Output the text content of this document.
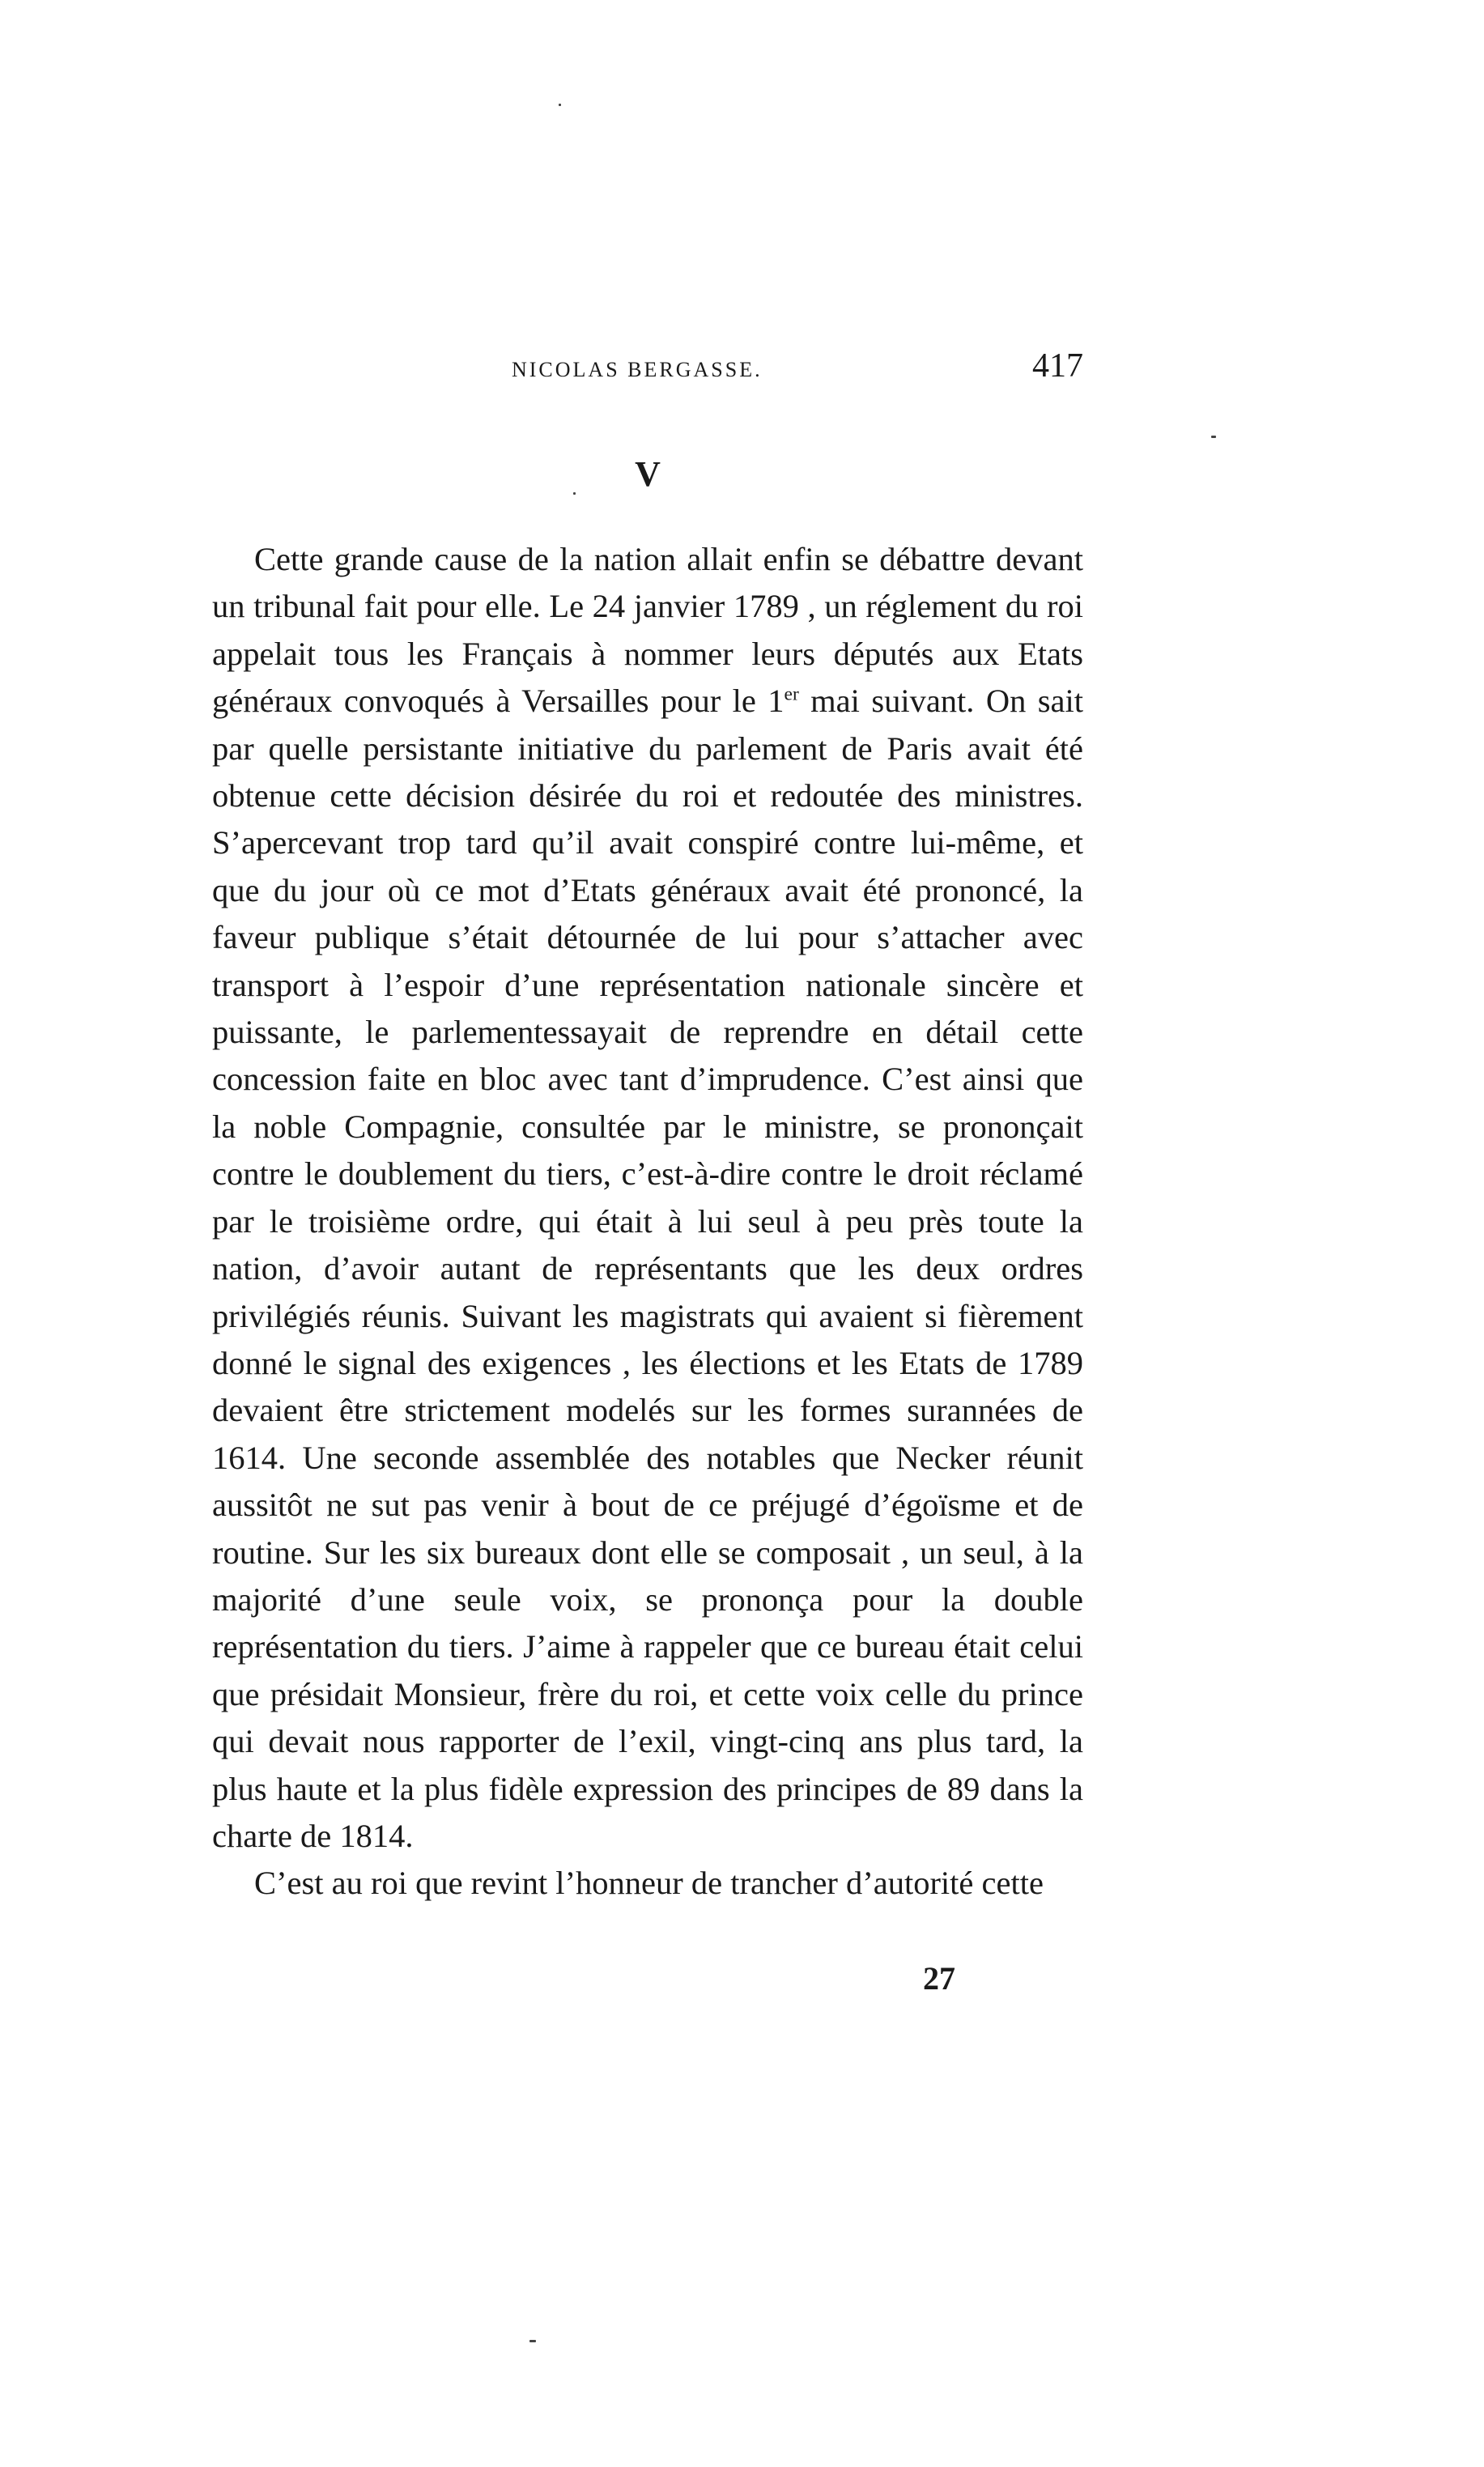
NICOLAS BERGASSE.	417
V

Cette grande cause de la nation allait enfin se débattre devant un tribunal fait pour elle. Le 24 janvier 1789 , un réglement du roi appelait tous les Français à nommer leurs députés aux Etats généraux convoqués à Versailles pour le 1er mai suivant. On sait par quelle persistante initiative du parlement de Paris avait été obtenue cette décision désirée du roi et redoutée des ministres. S’apercevant trop tard qu’il avait conspiré contre lui-même, et que du jour où ce mot d’Etats généraux avait été prononcé, la faveur publique s’était détournée de lui pour s’attacher avec transport à l’espoir d’une représentation nationale sincère et puissante, le parlementessayait de reprendre en détail cette concession faite en bloc avec tant d’imprudence. C’est ainsi que la noble Compagnie, consultée par le ministre, se prononçait contre le doublement du tiers, c’est-à-dire contre le droit réclamé par le troisième ordre, qui était à lui seul à peu près toute la nation, d’avoir autant de représentants que les deux ordres privilégiés réunis. Suivant les magistrats qui avaient si fièrement donné le signal des exigences , les élections et les Etats de 1789 devaient être strictement modelés sur les formes surannées de 1614. Une seconde assemblée des notables que Necker réunit aussitôt ne sut pas venir à bout de ce préjugé d’égoïsme et de routine. Sur les six bureaux dont elle se composait , un seul, à la majorité d’une seule voix, se prononça pour la double représentation du tiers. J’aime à rappeler que ce bureau était celui que présidait Monsieur, frère du roi, et cette voix celle du prince qui devait nous rapporter de l’exil, vingt-cinq ans plus tard, la plus haute et la plus fidèle expression des principes de 89 dans la charte de 1814.

C’est au roi que revint l’honneur de trancher d’autorité cette

27
